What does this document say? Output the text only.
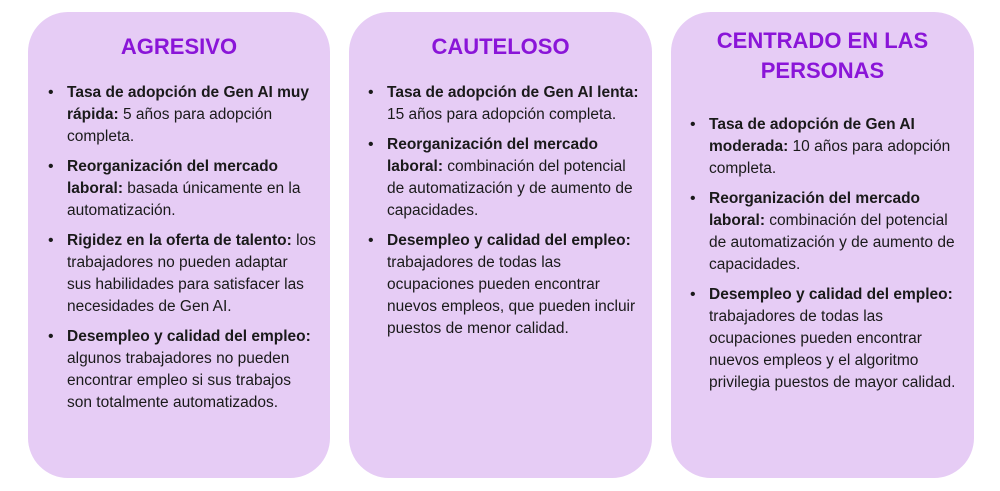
AGRESIVO
• Tasa de adopción de Gen AI muy rápida: 5 años para adopción completa.
• Reorganización del mercado laboral: basada únicamente en la automatización.
• Rigidez en la oferta de talento: los trabajadores no pueden adaptar sus habilidades para satisfacer las necesidades de Gen AI.
• Desempleo y calidad del empleo: algunos trabajadores no pueden encontrar empleo si sus trabajos son totalmente automatizados.
CAUTELOSO
• Tasa de adopción de Gen AI lenta: 15 años para adopción completa.
• Reorganización del mercado laboral: combinación del potencial de automatización y de aumento de capacidades.
• Desempleo y calidad del empleo: trabajadores de todas las ocupaciones pueden encontrar nuevos empleos, que pueden incluir puestos de menor calidad.
CENTRADO EN LAS PERSONAS
• Tasa de adopción de Gen AI moderada: 10 años para adopción completa.
• Reorganización del mercado laboral: combinación del potencial de automatización y de aumento de capacidades.
• Desempleo y calidad del empleo: trabajadores de todas las ocupaciones pueden encontrar nuevos empleos y el algoritmo privilegia puestos de mayor calidad.
